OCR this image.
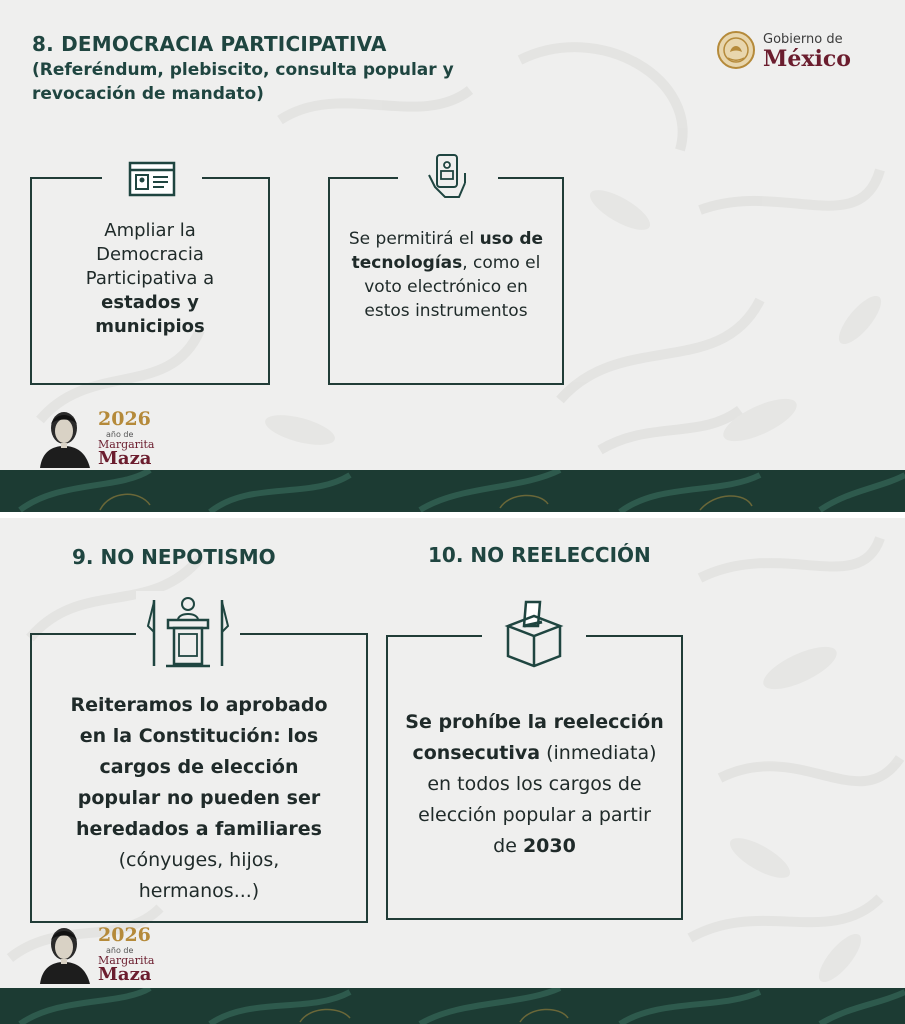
8. DEMOCRACIA PARTICIPATIVA
(Referéndum, plebiscito, consulta popular y revocación de mandato)
Gobierno de
México
Ampliar la Democracia Participativa a estados y municipios
Se permitirá el uso de tecnologías, como el voto electrónico en estos instrumentos
2026
año de
Margarita
Maza
9. NO NEPOTISMO	10. NO REELECCIÓN
Reiteramos lo aprobado en la Constitución: los cargos de elección popular no pueden ser heredados a familiares (cónyuges, hijos, hermanos...)
Se prohíbe la reelección consecutiva (inmediata) en todos los cargos de elección popular a partir de 2030
2026
año de
Margarita
Maza
